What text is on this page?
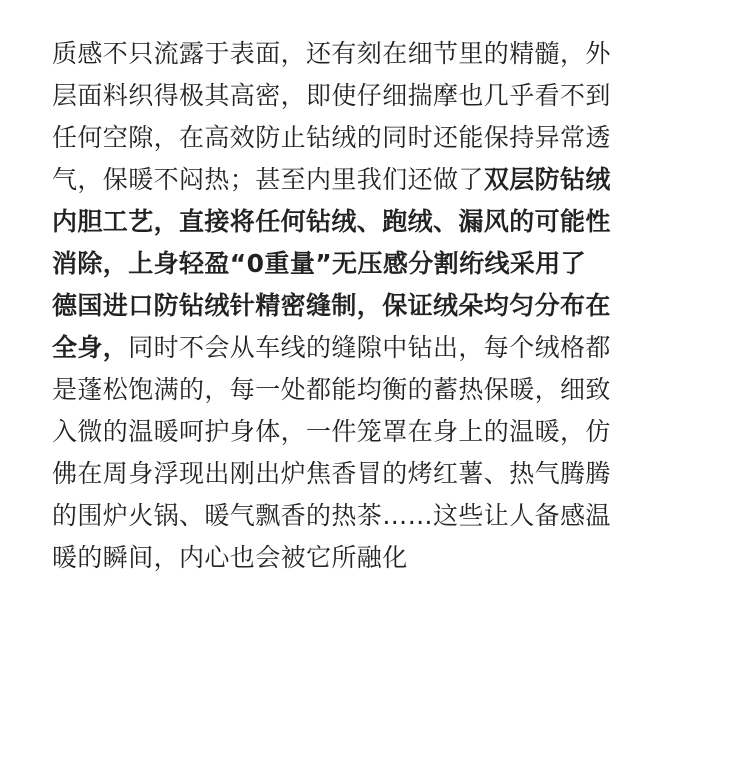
质感不只流露于表面，还有刻在细节里的精髓，外
层面料织得极其高密，即使仔细揣摩也几乎看不到
任何空隙，在高效防止钻绒的同时还能保持异常透
气，保暖不闷热；甚至内里我们还做了双层防钻绒
内胆工艺，直接将任何钻绒、跑绒、漏风的可能性
消除，上身轻盈“0重量”无压感分割绗线采用了
德国进口防钻绒针精密缝制，保证绒朵均匀分布在
全身，同时不会从车线的缝隙中钻出，每个绒格都
是蓬松饱满的，每一处都能均衡的蓄热保暖，细致
入微的温暖呵护身体，一件笼罩在身上的温暖，仿
佛在周身浮现出刚出炉焦香冒的烤红薯、热气腾腾
的围炉火锅、暖气飘香的热茶……这些让人备感温
暖的瞬间，内心也会被它所融化
